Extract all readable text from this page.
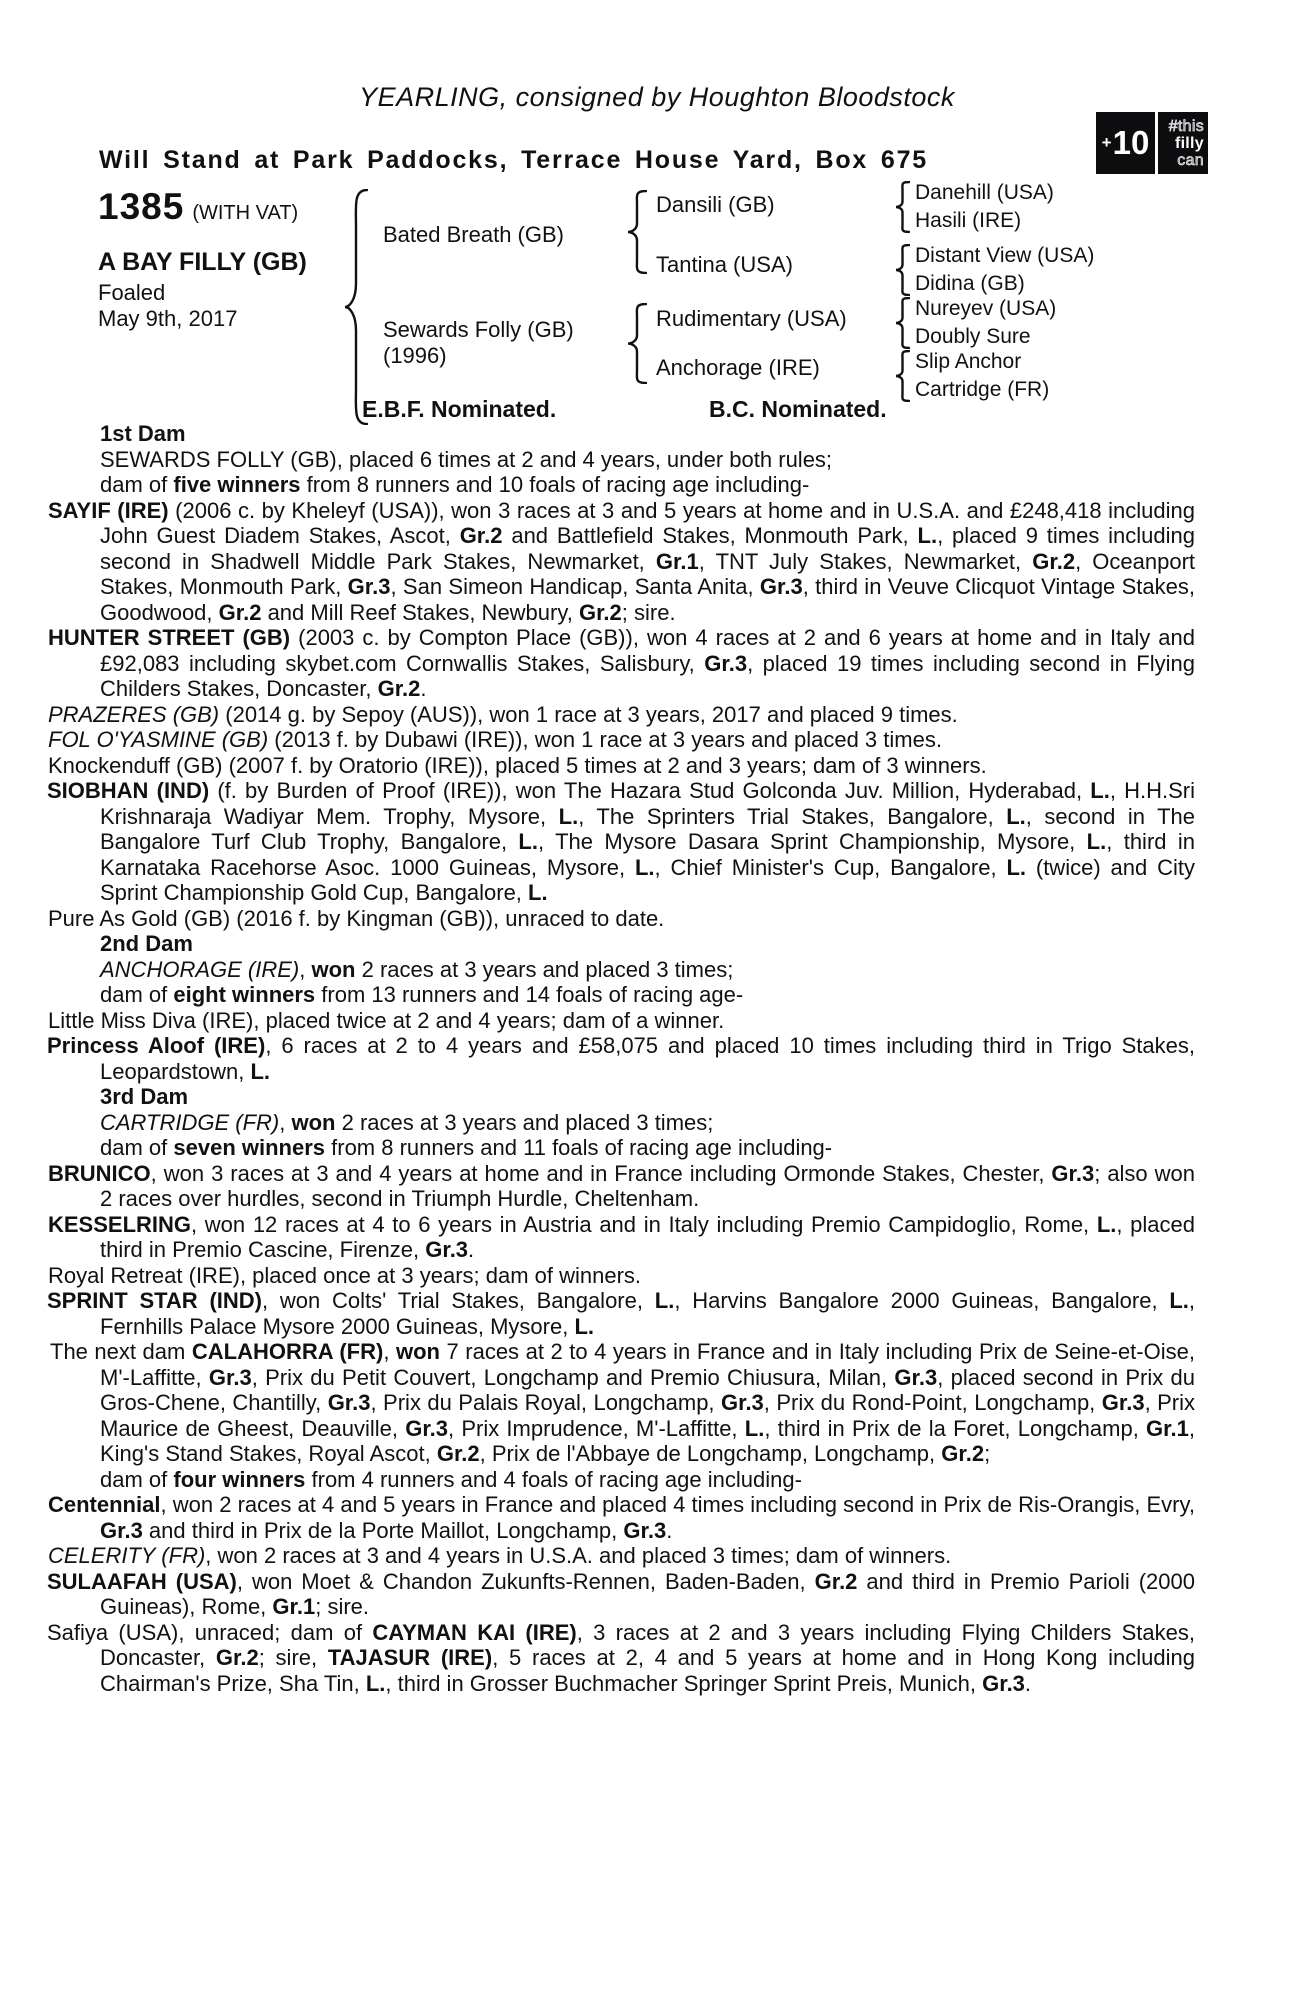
YEARLING, consigned by Houghton Bloodstock
Will Stand at Park Paddocks, Terrace House Yard, Box 675
+ 10 #this
filly
can
1385 (WITH VAT)
A BAY FILLY (GB)
Foaled
May 9th, 2017
Bated Breath (GB)
Sewards Folly (GB)
(1996)
Dansili (GB)
Tantina (USA)
Rudimentary (USA)
Anchorage (IRE)
Danehill (USA)
Hasili (IRE)
Distant View (USA)
Didina (GB)
Nureyev (USA)
Doubly Sure
Slip Anchor
Cartridge (FR)
E.B.F. Nominated.	B.C. Nominated.

1st Dam

SEWARDS FOLLY (GB), placed 6 times at 2 and 4 years, under both rules;

dam of five winners from 8 runners and 10 foals of racing age including-

SAYIF (IRE) (2006 c. by Kheleyf (USA)), won 3 races at 3 and 5 years at home and in U.S.A. and £248,418 including John Guest Diadem Stakes, Ascot, Gr.2 and Battlefield Stakes, Monmouth Park, L., placed 9 times including second in Shadwell Middle Park Stakes, Newmarket, Gr.1, TNT July Stakes, Newmarket, Gr.2, Oceanport Stakes, Monmouth Park, Gr.3, San Simeon Handicap, Santa Anita, Gr.3, third in Veuve Clicquot Vintage Stakes, Goodwood, Gr.2 and Mill Reef Stakes, Newbury, Gr.2; sire.

HUNTER STREET (GB) (2003 c. by Compton Place (GB)), won 4 races at 2 and 6 years at home and in Italy and £92,083 including skybet.com Cornwallis Stakes, Salisbury, Gr.3, placed 19 times including second in Flying Childers Stakes, Doncaster, Gr.2.

PRAZERES (GB) (2014 g. by Sepoy (AUS)), won 1 race at 3 years, 2017 and placed 9 times.

FOL O'YASMINE (GB) (2013 f. by Dubawi (IRE)), won 1 race at 3 years and placed 3 times.

Knockenduff (GB) (2007 f. by Oratorio (IRE)), placed 5 times at 2 and 3 years; dam of 3 winners.

SIOBHAN (IND) (f. by Burden of Proof (IRE)), won The Hazara Stud Golconda Juv. Million, Hyderabad, L., H.H.Sri Krishnaraja Wadiyar Mem. Trophy, Mysore, L., The Sprinters Trial Stakes, Bangalore, L., second in The Bangalore Turf Club Trophy, Bangalore, L., The Mysore Dasara Sprint Championship, Mysore, L., third in Karnataka Racehorse Asoc. 1000 Guineas, Mysore, L., Chief Minister's Cup, Bangalore, L. (twice) and City Sprint Championship Gold Cup, Bangalore, L.

Pure As Gold (GB) (2016 f. by Kingman (GB)), unraced to date.

2nd Dam

ANCHORAGE (IRE), won 2 races at 3 years and placed 3 times;

dam of eight winners from 13 runners and 14 foals of racing age-

Little Miss Diva (IRE), placed twice at 2 and 4 years; dam of a winner.

Princess Aloof (IRE), 6 races at 2 to 4 years and £58,075 and placed 10 times including third in Trigo Stakes, Leopardstown, L.

3rd Dam

CARTRIDGE (FR), won 2 races at 3 years and placed 3 times;

dam of seven winners from 8 runners and 11 foals of racing age including-

BRUNICO, won 3 races at 3 and 4 years at home and in France including Ormonde Stakes, Chester, Gr.3; also won 2 races over hurdles, second in Triumph Hurdle, Cheltenham.

KESSELRING, won 12 races at 4 to 6 years in Austria and in Italy including Premio Campidoglio, Rome, L., placed third in Premio Cascine, Firenze, Gr.3.

Royal Retreat (IRE), placed once at 3 years; dam of winners.

SPRINT STAR (IND), won Colts' Trial Stakes, Bangalore, L., Harvins Bangalore 2000 Guineas, Bangalore, L., Fernhills Palace Mysore 2000 Guineas, Mysore, L.

The next dam CALAHORRA (FR), won 7 races at 2 to 4 years in France and in Italy including Prix de Seine-et-Oise, M'-Laffitte, Gr.3, Prix du Petit Couvert, Longchamp and Premio Chiusura, Milan, Gr.3, placed second in Prix du Gros-Chene, Chantilly, Gr.3, Prix du Palais Royal, Longchamp, Gr.3, Prix du Rond-Point, Longchamp, Gr.3, Prix Maurice de Gheest, Deauville, Gr.3, Prix Imprudence, M'-Laffitte, L., third in Prix de la Foret, Longchamp, Gr.1, King's Stand Stakes, Royal Ascot, Gr.2, Prix de l'Abbaye de Longchamp, Longchamp, Gr.2;

dam of four winners from 4 runners and 4 foals of racing age including-

Centennial, won 2 races at 4 and 5 years in France and placed 4 times including second in Prix de Ris-Orangis, Evry, Gr.3 and third in Prix de la Porte Maillot, Longchamp, Gr.3.

CELERITY (FR), won 2 races at 3 and 4 years in U.S.A. and placed 3 times; dam of winners.

SULAAFAH (USA), won Moet & Chandon Zukunfts-Rennen, Baden-Baden, Gr.2 and third in Premio Parioli (2000 Guineas), Rome, Gr.1; sire.

Safiya (USA), unraced; dam of CAYMAN KAI (IRE), 3 races at 2 and 3 years including Flying Childers Stakes, Doncaster, Gr.2; sire, TAJASUR (IRE), 5 races at 2, 4 and 5 years at home and in Hong Kong including Chairman's Prize, Sha Tin, L., third in Grosser Buchmacher Springer Sprint Preis, Munich, Gr.3.
